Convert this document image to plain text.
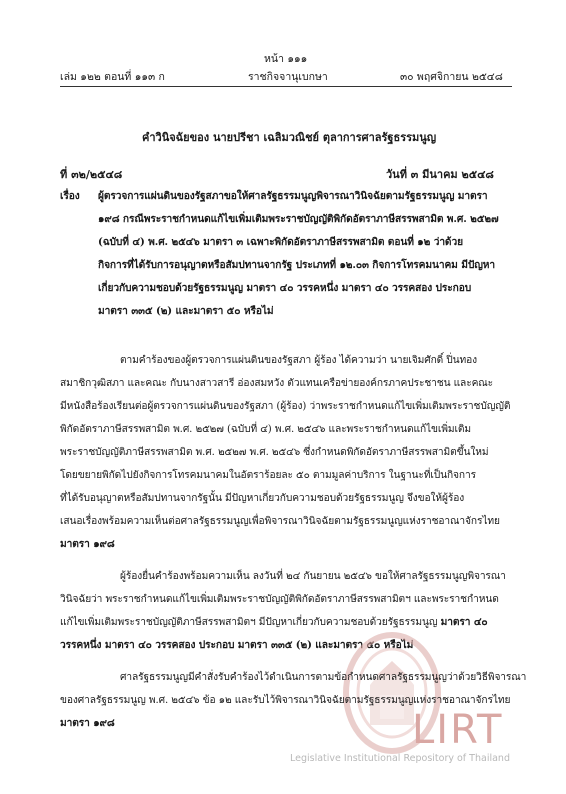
หน้า ๑๑๑
เล่ม ๑๒๒ ตอนที่ ๑๑๓ ก	ราชกิจจานุเบกษา	๓๐ พฤศจิกายน ๒๕๔๘
คำวินิจฉัยของ นายปรีชา เฉลิมวณิชย์ ตุลาการศาลรัฐธรรมนูญ
ที่ ๓๒/๒๕๔๘	วันที่ ๓ มีนาคม ๒๕๔๘
เรื่อง ผู้ตรวจการแผ่นดินของรัฐสภาขอให้ศาลรัฐธรรมนูญพิจารณาวินิจฉัยตามรัฐธรรมนูญ มาตรา
๑๙๘ กรณีพระราชกำหนดแก้ไขเพิ่มเติมพระราชบัญญัติพิกัดอัตราภาษีสรรพสามิต พ.ศ. ๒๕๒๗
(ฉบับที่ ๔) พ.ศ. ๒๕๔๖ มาตรา ๓ เฉพาะพิกัดอัตราภาษีสรรพสามิต ตอนที่ ๑๒ ว่าด้วย
กิจการที่ได้รับการอนุญาตหรือสัมปทานจากรัฐ ประเภทที่ ๑๒.๐๓ กิจการโทรคมนาคม มีปัญหา
เกี่ยวกับความชอบด้วยรัฐธรรมนูญ มาตรา ๔๐ วรรคหนึ่ง มาตรา ๔๐ วรรคสอง ประกอบ
มาตรา ๓๓๕ (๒) และมาตรา ๕๐ หรือไม่
ตามคำร้องของผู้ตรวจการแผ่นดินของรัฐสภา ผู้ร้อง ได้ความว่า นายเจิมศักดิ์ ปิ่นทอง
สมาชิกวุฒิสภา และคณะ กับนางสาวสารี อ่องสมหวัง ตัวแทนเครือข่ายองค์กรภาคประชาชน และคณะ
มีหนังสือร้องเรียนต่อผู้ตรวจการแผ่นดินของรัฐสภา (ผู้ร้อง) ว่าพระราชกำหนดแก้ไขเพิ่มเติมพระราชบัญญัติ
พิกัดอัตราภาษีสรรพสามิต พ.ศ. ๒๕๒๗ (ฉบับที่ ๔) พ.ศ. ๒๕๔๖ และพระราชกำหนดแก้ไขเพิ่มเติม
พระราชบัญญัติภาษีสรรพสามิต พ.ศ. ๒๕๒๗ พ.ศ. ๒๕๔๖ ซึ่งกำหนดพิกัดอัตราภาษีสรรพสามิตขึ้นใหม่
โดยขยายพิกัดไปยังกิจการโทรคมนาคมในอัตราร้อยละ ๕๐ ตามมูลค่าบริการ ในฐานะที่เป็นกิจการ
ที่ได้รับอนุญาตหรือสัมปทานจากรัฐนั้น มีปัญหาเกี่ยวกับความชอบด้วยรัฐธรรมนูญ จึงขอให้ผู้ร้อง
เสนอเรื่องพร้อมความเห็นต่อศาลรัฐธรรมนูญเพื่อพิจารณาวินิจฉัยตามรัฐธรรมนูญแห่งราชอาณาจักรไทย
มาตรา ๑๙๘
ผู้ร้องยื่นคำร้องพร้อมความเห็น ลงวันที่ ๒๔ กันยายน ๒๕๔๖ ขอให้ศาลรัฐธรรมนูญพิจารณา
วินิจฉัยว่า พระราชกำหนดแก้ไขเพิ่มเติมพระราชบัญญัติพิกัดอัตราภาษีสรรพสามิตฯ และพระราชกำหนด
แก้ไขเพิ่มเติมพระราชบัญญัติภาษีสรรพสามิตฯ มีปัญหาเกี่ยวกับความชอบด้วยรัฐธรรมนูญ มาตรา ๔๐
วรรคหนึ่ง มาตรา ๔๐ วรรคสอง ประกอบ มาตรา ๓๓๕ (๒) และมาตรา ๕๐ หรือไม่
ศาลรัฐธรรมนูญมีคำสั่งรับคำร้องไว้ดำเนินการตามข้อกำหนดศาลรัฐธรรมนูญว่าด้วยวิธีพิจารณา
ของศาลรัฐธรรมนูญ พ.ศ. ๒๕๔๖ ข้อ ๑๒ และรับไว้พิจารณาวินิจฉัยตามรัฐธรรมนูญแห่งราชอาณาจักรไทย
มาตรา ๑๙๘	LIRT
Legislative Institutional Repository of Thailand
